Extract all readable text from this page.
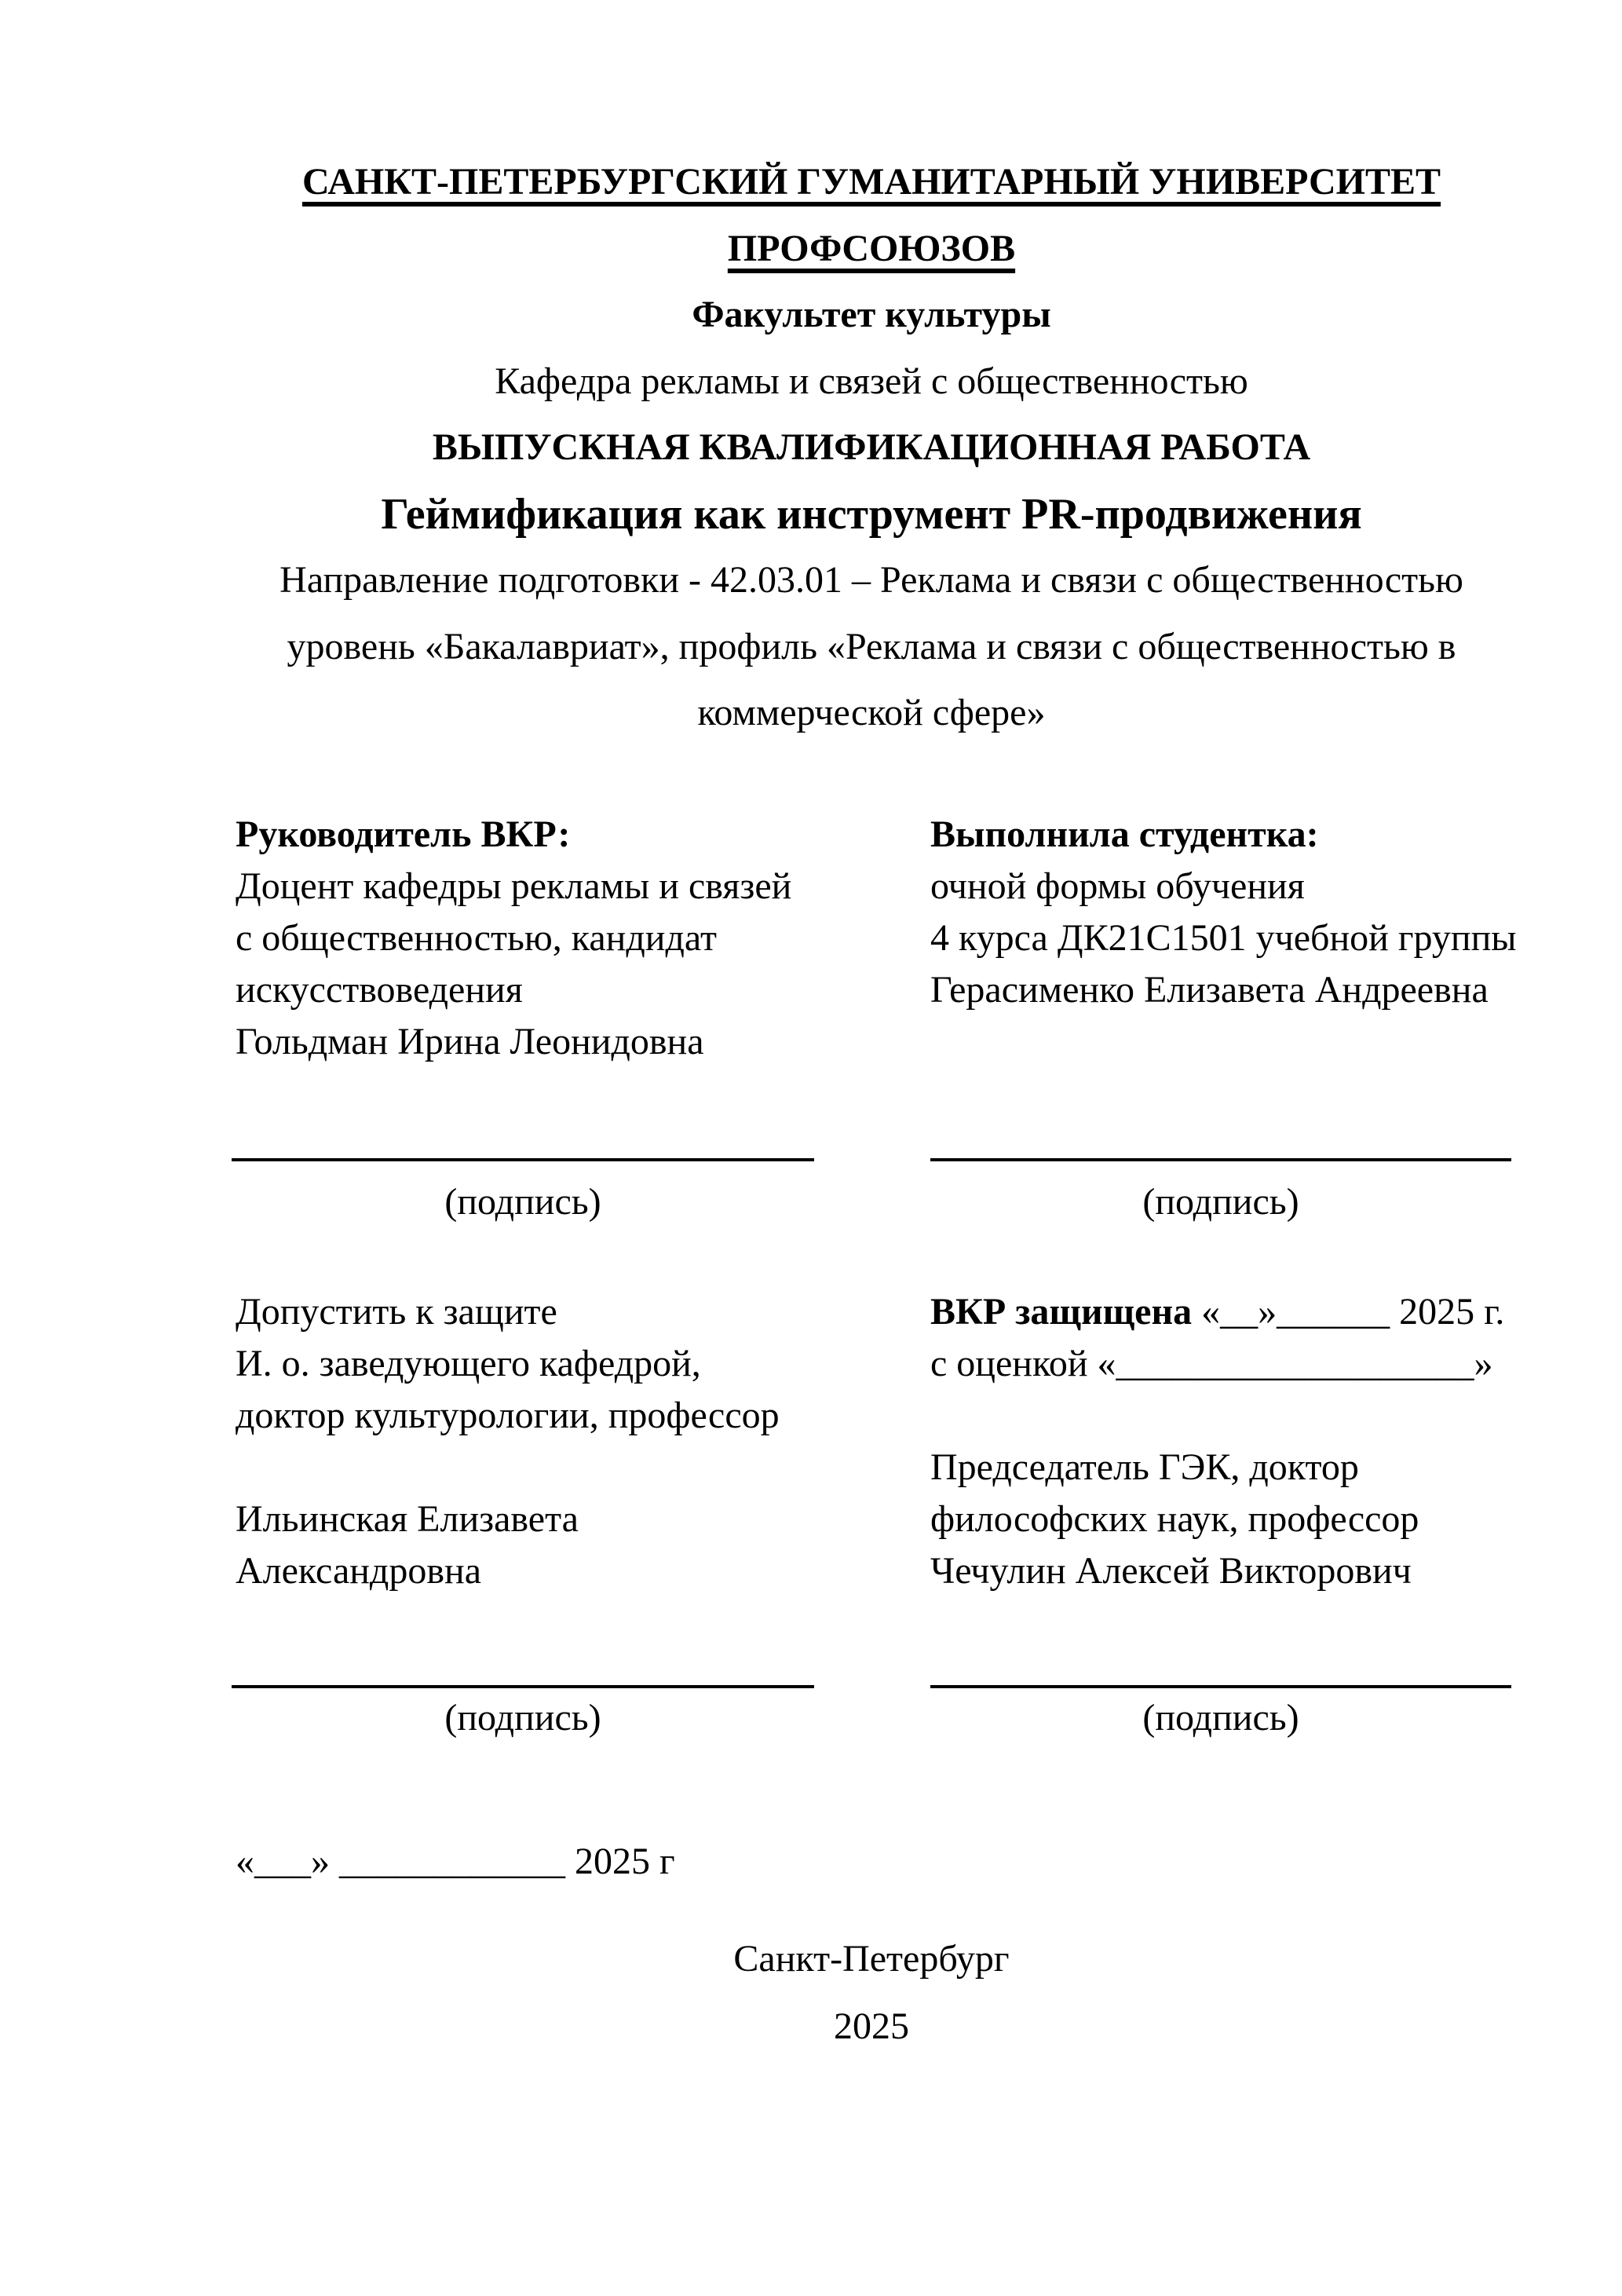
САНКТ-ПЕТЕРБУРГСКИЙ ГУМАНИТАРНЫЙ УНИВЕРСИТЕТ
ПРОФСОЮЗОВ
Факультет культуры
Кафедра рекламы и связей с общественностью
ВЫПУСКНАЯ КВАЛИФИКАЦИОННАЯ РАБОТА
Геймификация как инструмент PR-продвижения
Направление подготовки - 42.03.01 – Реклама и связи с общественностью
уровень «Бакалавриат», профиль «Реклама и связи с общественностью в
коммерческой сфере»
Руководитель ВКР:
Доцент кафедры рекламы и связей
с общественностью, кандидат
искусствоведения
Гольдман Ирина Леонидовна
Выполнила студентка:
очной формы обучения
4 курса ДК21С1501 учебной группы
Герасименко Елизавета Андреевна
(подпись)	(подпись)
Допустить к защите
И. о. заведующего кафедрой,
доктор культурологии, профессор
Ильинская Елизавета
Александровна
ВКР защищена «__»______ 2025 г.
с оценкой «___________________»
Председатель ГЭК, доктор
философских наук, профессор
Чечулин Алексей Викторович
(подпись)	(подпись)
«___» ____________ 2025 г
Санкт-Петербург
2025
